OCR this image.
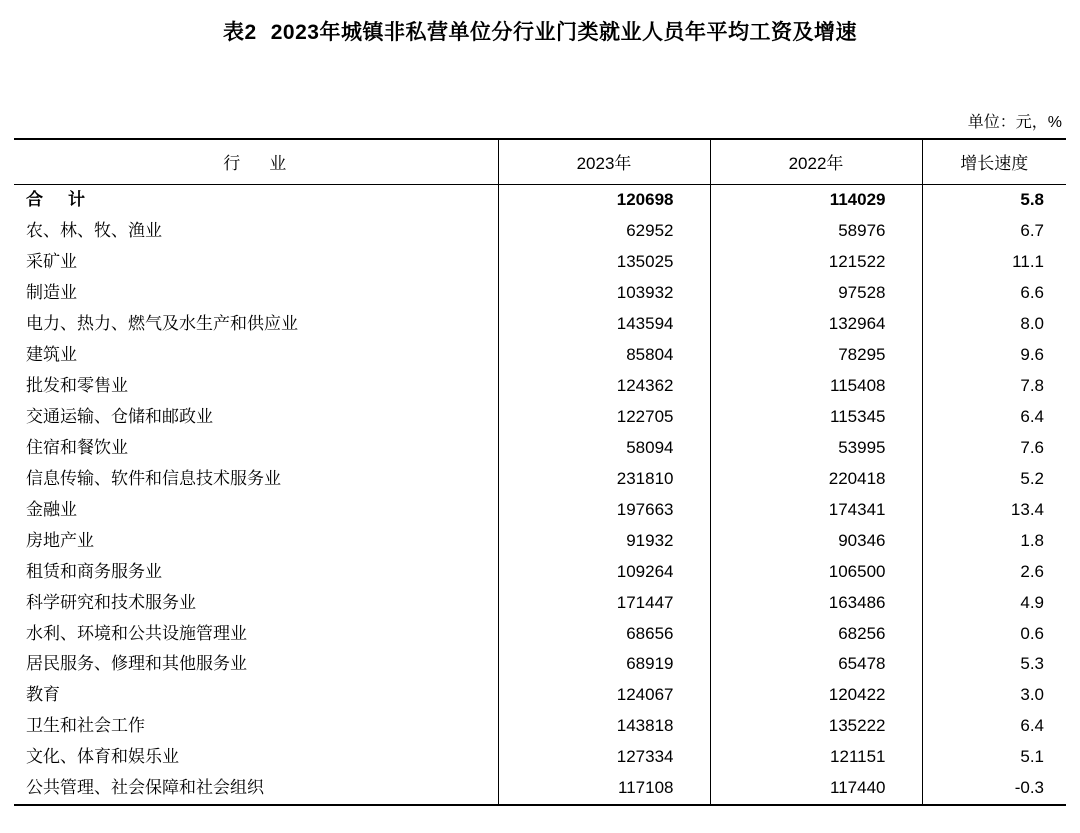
表2 2023年城镇非私营单位分行业门类就业人员年平均工资及增速
单位：元，%
行　业	2023年	2022年	增长速度
合　计	120698	114029	5.8
农、林、牧、渔业	62952	58976	6.7
采矿业	135025	121522	11.1
制造业	103932	97528	6.6
电力、热力、燃气及水生产和供应业	143594	132964	8.0
建筑业	85804	78295	9.6
批发和零售业	124362	115408	7.8
交通运输、仓储和邮政业	122705	115345	6.4
住宿和餐饮业	58094	53995	7.6
信息传输、软件和信息技术服务业	231810	220418	5.2
金融业	197663	174341	13.4
房地产业	91932	90346	1.8
租赁和商务服务业	109264	106500	2.6
科学研究和技术服务业	171447	163486	4.9
水利、环境和公共设施管理业	68656	68256	0.6
居民服务、修理和其他服务业	68919	65478	5.3
教育	124067	120422	3.0
卫生和社会工作	143818	135222	6.4
文化、体育和娱乐业	127334	121151	5.1
公共管理、社会保障和社会组织	117108	117440	-0.3
